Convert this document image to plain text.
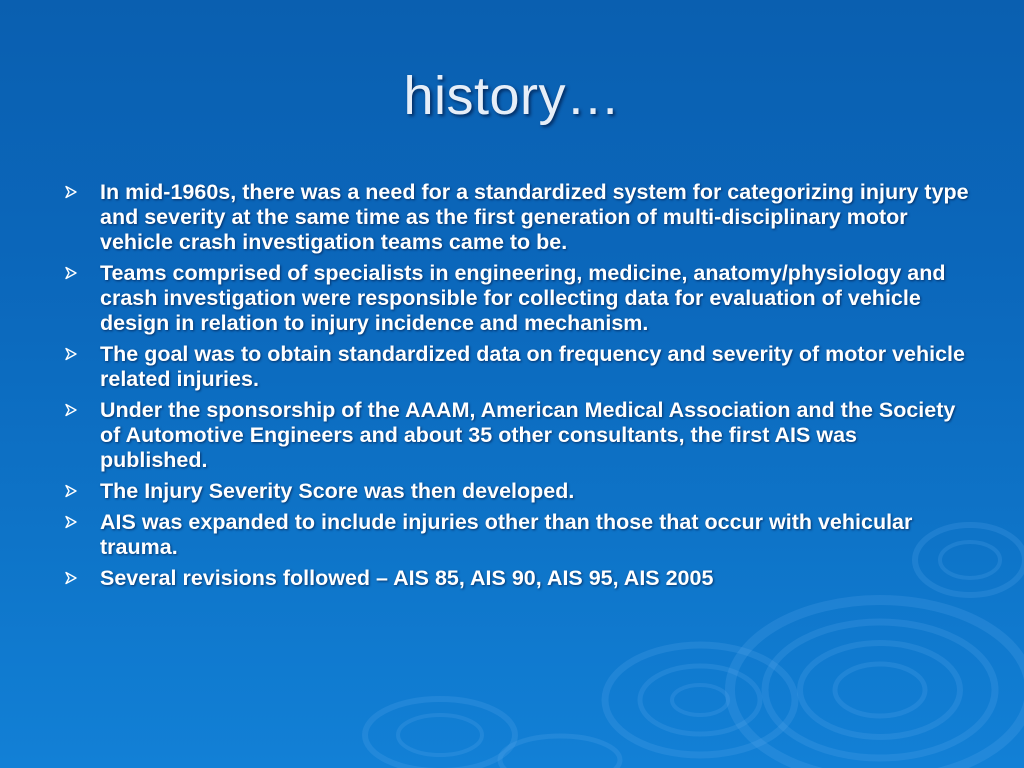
history…
In mid-1960s, there was a need for a standardized system for categorizing injury type and severity at the same time as the first generation of multi-disciplinary motor vehicle crash investigation teams came to be.
Teams comprised of specialists in engineering, medicine, anatomy/physiology and crash investigation were responsible for collecting data for evaluation of vehicle design in relation to injury incidence and mechanism.
The goal was to obtain standardized data on frequency and severity of motor vehicle related injuries.
Under the sponsorship of the AAAM, American Medical Association and the Society of Automotive Engineers and about 35 other consultants, the first AIS was published.
The Injury Severity Score was then developed.
AIS was expanded to include injuries other than those that occur with vehicular trauma.
Several revisions followed – AIS 85, AIS 90, AIS 95, AIS 2005
